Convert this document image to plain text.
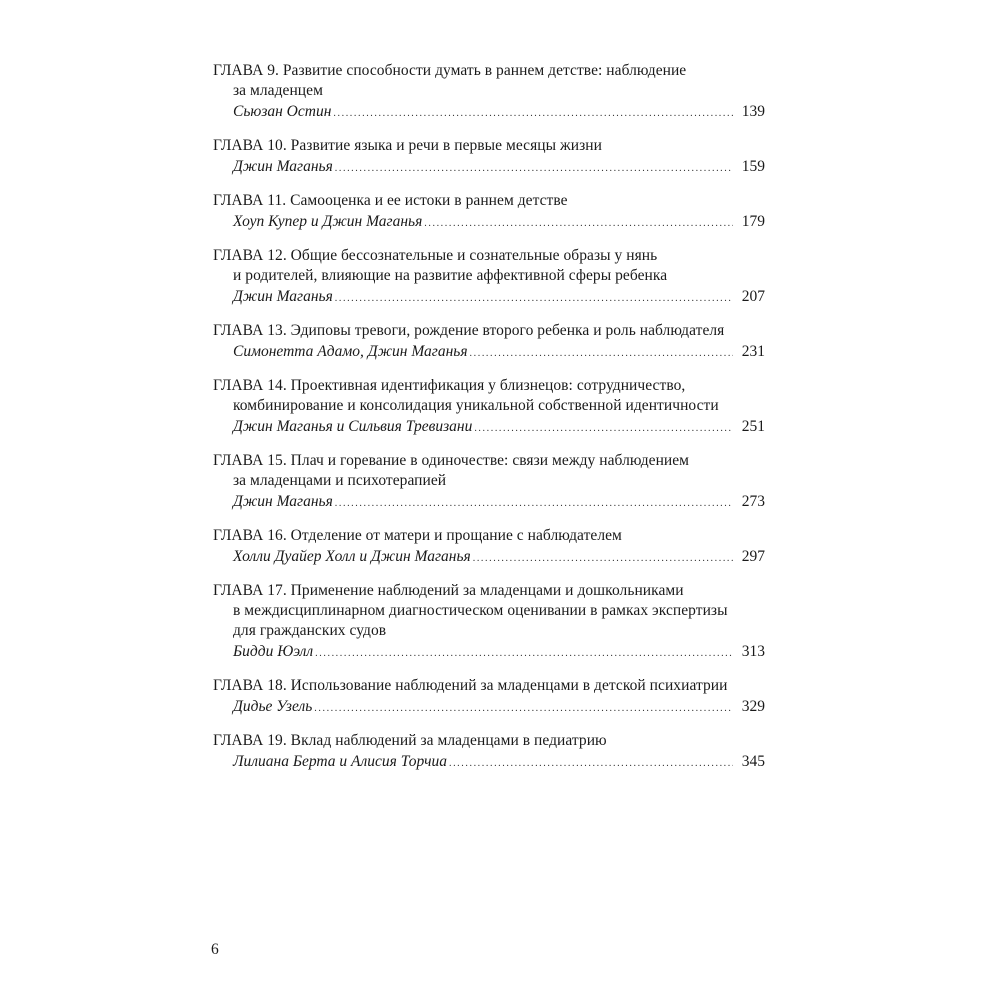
ГЛАВА 9. Развитие способности думать в раннем детстве: наблюдение
за младенцем
Сьюзан Остин .....	139
ГЛАВА 10. Развитие языка и речи в первые месяцы жизни
Джин Маганья .....	159
ГЛАВА 11. Самооценка и ее истоки в раннем детстве
Хоуп Купер и Джин Маганья .....	179
ГЛАВА 12. Общие бессознательные и сознательные образы у нянь
и родителей, влияющие на развитие аффективной сферы ребенка
Джин Маганья .....	207
ГЛАВА 13. Эдиповы тревоги, рождение второго ребенка и роль наблюдателя
Симонетта Адамо, Джин Маганья .....	231
ГЛАВА 14. Проективная идентификация у близнецов: сотрудничество,
комбинирование и консолидация уникальной собственной идентичности
Джин Маганья и Сильвия Тревизани .....	251
ГЛАВА 15. Плач и горевание в одиночестве: связи между наблюдением
за младенцами и психотерапией
Джин Маганья .....	273
ГЛАВА 16. Отделение от матери и прощание с наблюдателем
Холли Дуайер Холл и Джин Маганья .....	297
ГЛАВА 17. Применение наблюдений за младенцами и дошкольниками
в междисциплинарном диагностическом оценивании в рамках экспертизы
для гражданских судов
Бидди Юэлл .....	313
ГЛАВА 18. Использование наблюдений за младенцами в детской психиатрии
Дидье Узель .....	329
ГЛАВА 19. Вклад наблюдений за младенцами в педиатрию
Лилиана Берта и Алисия Торчиа .....	345
6
